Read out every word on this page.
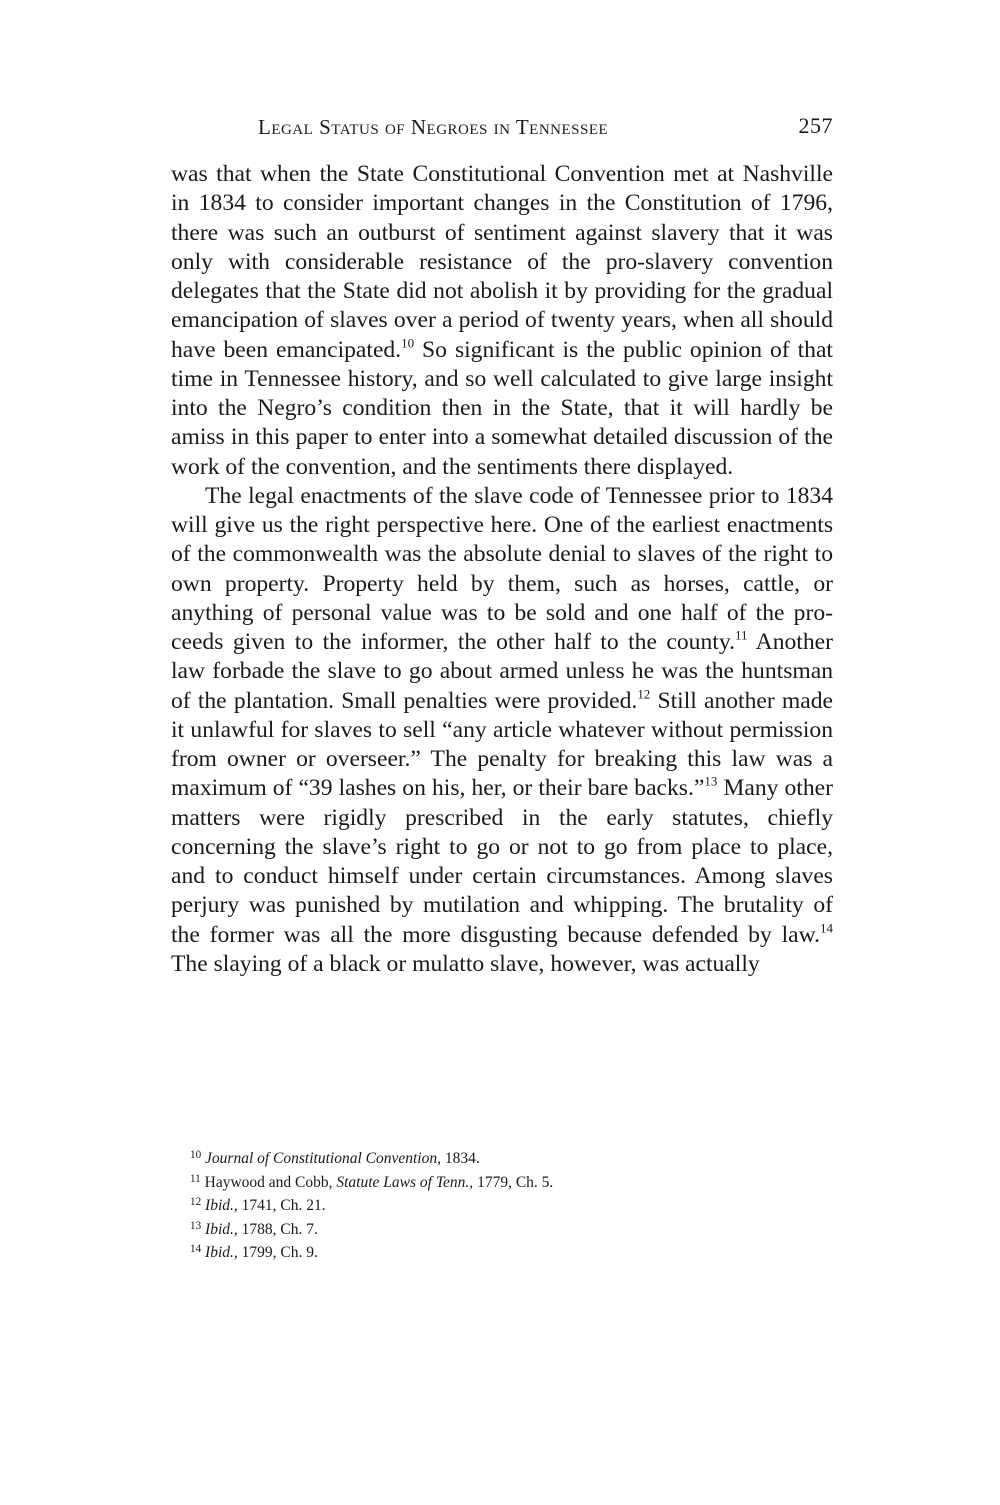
Legal Status of Negroes in Tennessee	257

was that when the State Constitutional Convention met at Nashville in 1834 to consider important changes in the Constitution of 1796, there was such an outburst of sentiment against slavery that it was only with considerable resistance of the pro-slavery convention delegates that the State did not abolish it by providing for the gradual emancipation of slaves over a period of twenty years, when all should have been emancipated.$^{10}$ So significant is the public opinion of that time in Tennessee history, and so well calculated to give large insight into the Negro’s condition then in the State, that it will hardly be amiss in this paper to enter into a somewhat detailed discussion of the work of the convention, and the sentiments there displayed.

The legal enactments of the slave code of Tennessee prior to 1834 will give us the right perspective here. One of the earliest enactments of the commonwealth was the absolute denial to slaves of the right to own property. Property held by them, such as horses, cattle, or anything of personal value was to be sold and one half of the proceeds given to the informer, the other half to the county.$^{11}$ Another law forbade the slave to go about armed unless he was the huntsman of the plantation. Small penalties were provided.$^{12}$ Still another made it unlawful for slaves to sell “any article whatever without permission from owner or overseer.” The penalty for breaking this law was a maximum of “39 lashes on his, her, or their bare backs.”$^{13}$ Many other matters were rigidly prescribed in the early statutes, chiefly concerning the slave’s right to go or not to go from place to place, and to conduct himself under certain circumstances. Among slaves perjury was punished by mutilation and whipping. The brutality of the former was all the more disgusting because defended by law.$^{14}$ The slaying of a black or mulatto slave, however, was actually

$^{10}$ Journal of Constitutional Convention, 1834.
$^{11}$ Haywood and Cobb, Statute Laws of Tenn., 1779, Ch. 5.
$^{12}$ Ibid., 1741, Ch. 21.
$^{13}$ Ibid., 1788, Ch. 7.
$^{14}$ Ibid., 1799, Ch. 9.
